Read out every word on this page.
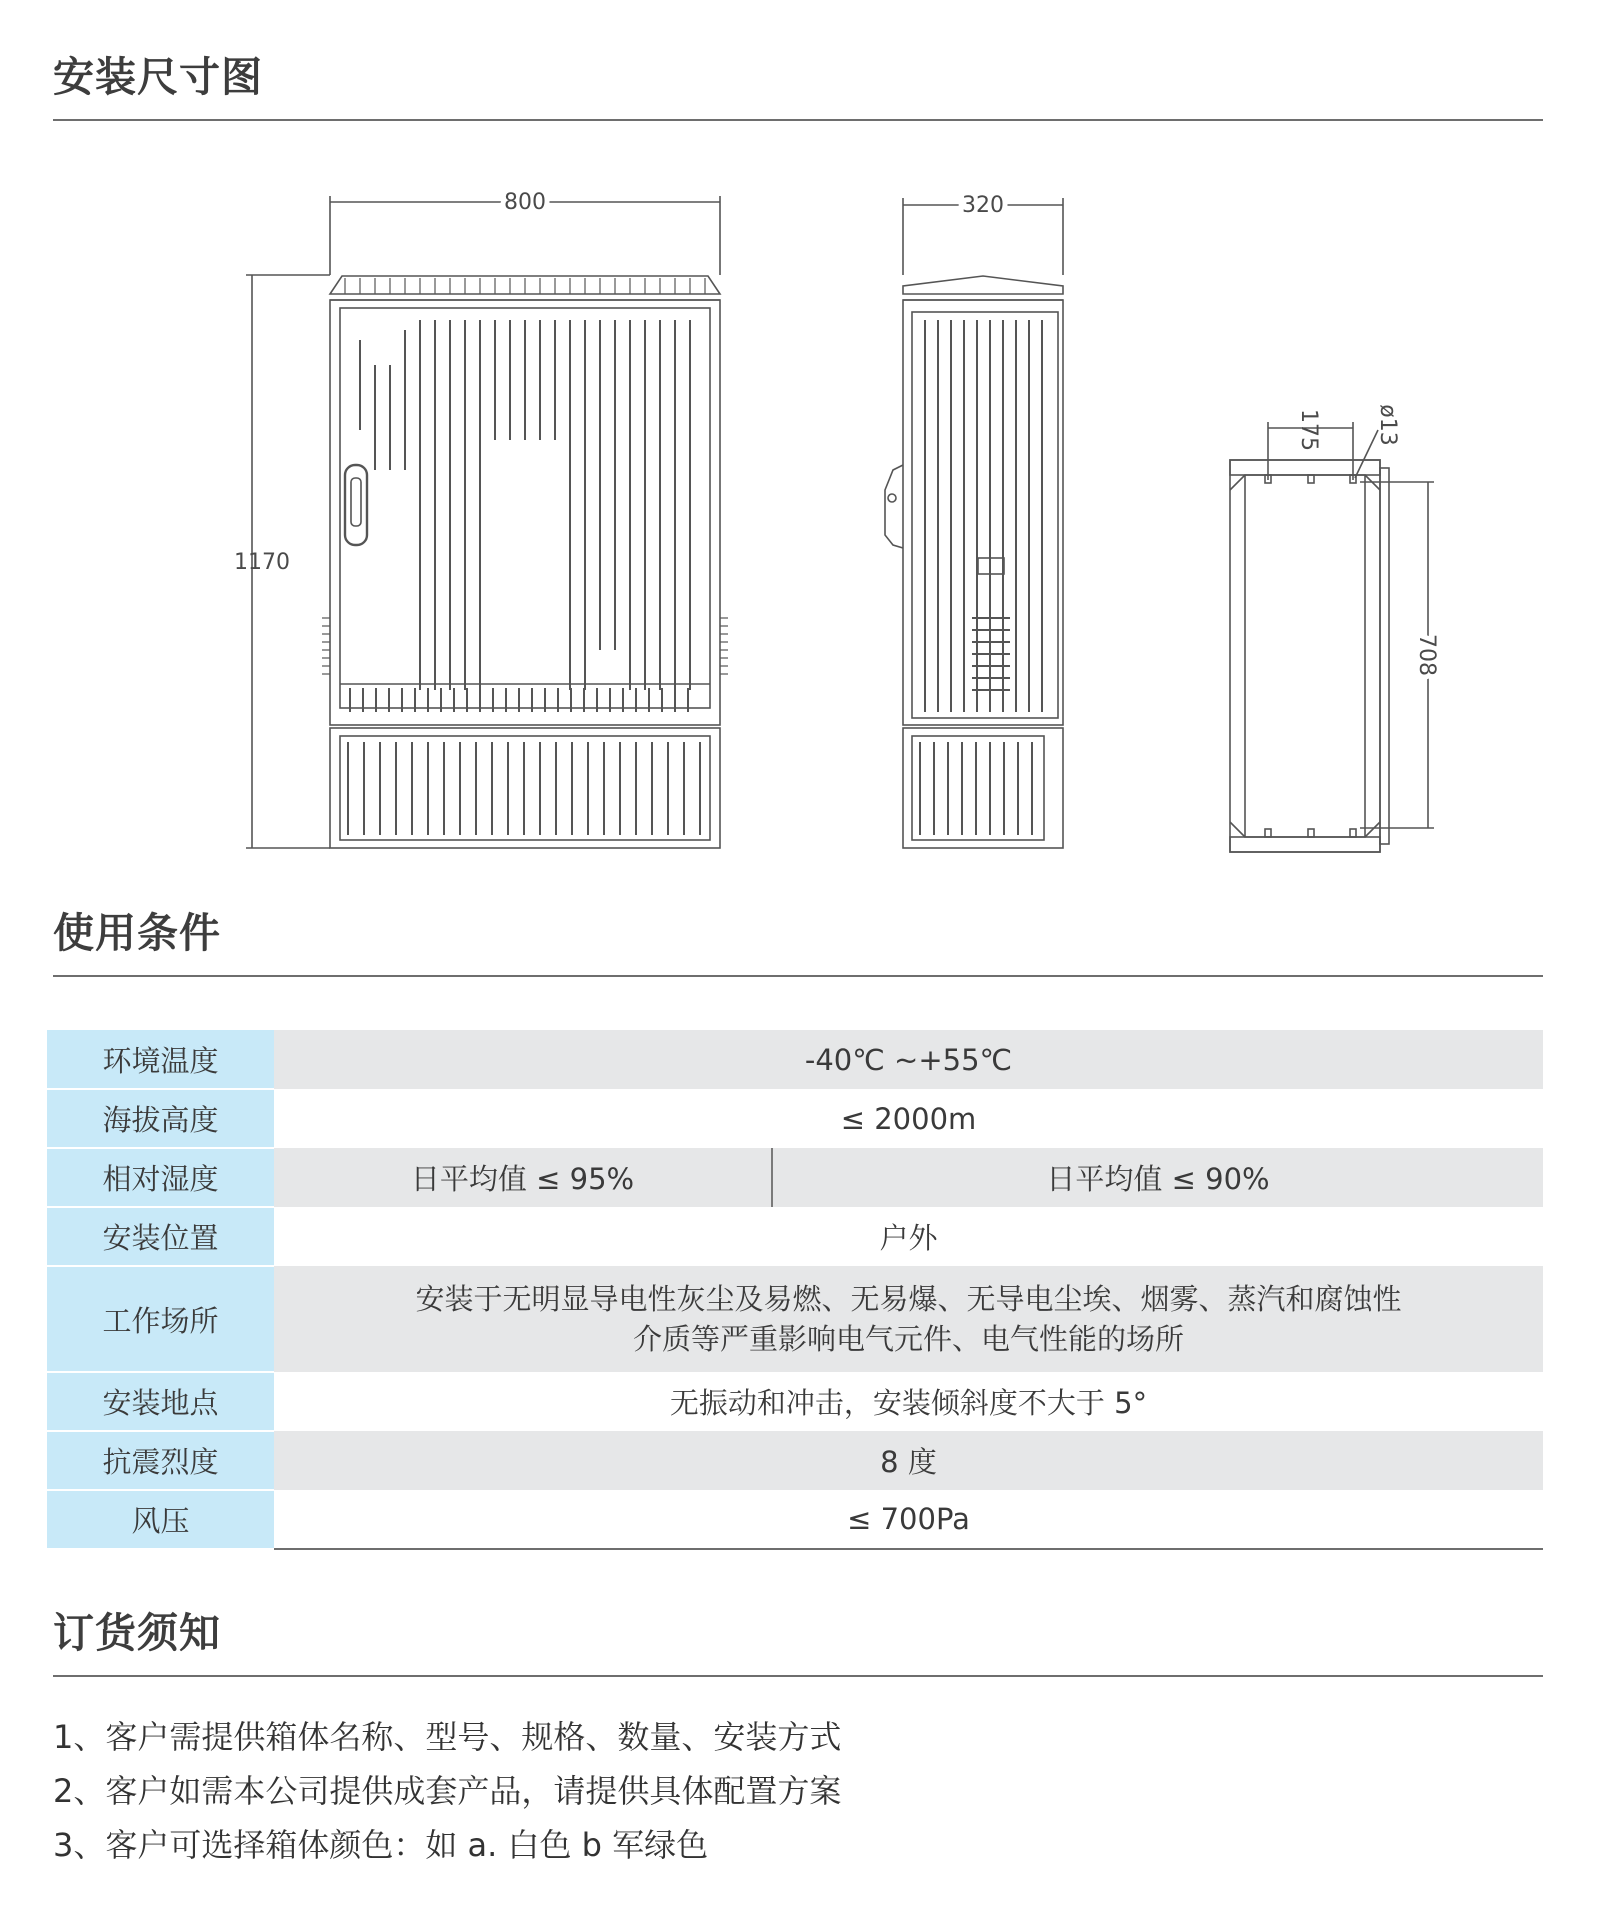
安装尺寸图
800
1170
320
175 ø13
708
使用条件
环境温度	-40℃ ~+55℃	
海拔高度	≤ 2000m	
相对湿度	日平均值 ≤ 95%	日平均值 ≤ 90%
安装位置	户外	
工作场所	安装于无明显导电性灰尘及易燃、无易爆、无导电尘埃、烟雾、蒸汽和腐蚀性
介质等严重影响电气元件、电气性能的场所	

安装地点	无振动和冲击，安装倾斜度不大于 5°	
抗震烈度	8 度	
风压	≤ 700Pa	
订货须知
1、客户需提供箱体名称、型号、规格、数量、安装方式
2、客户如需本公司提供成套产品，请提供具体配置方案
3、客户可选择箱体颜色：如 a. 白色 b 军绿色
